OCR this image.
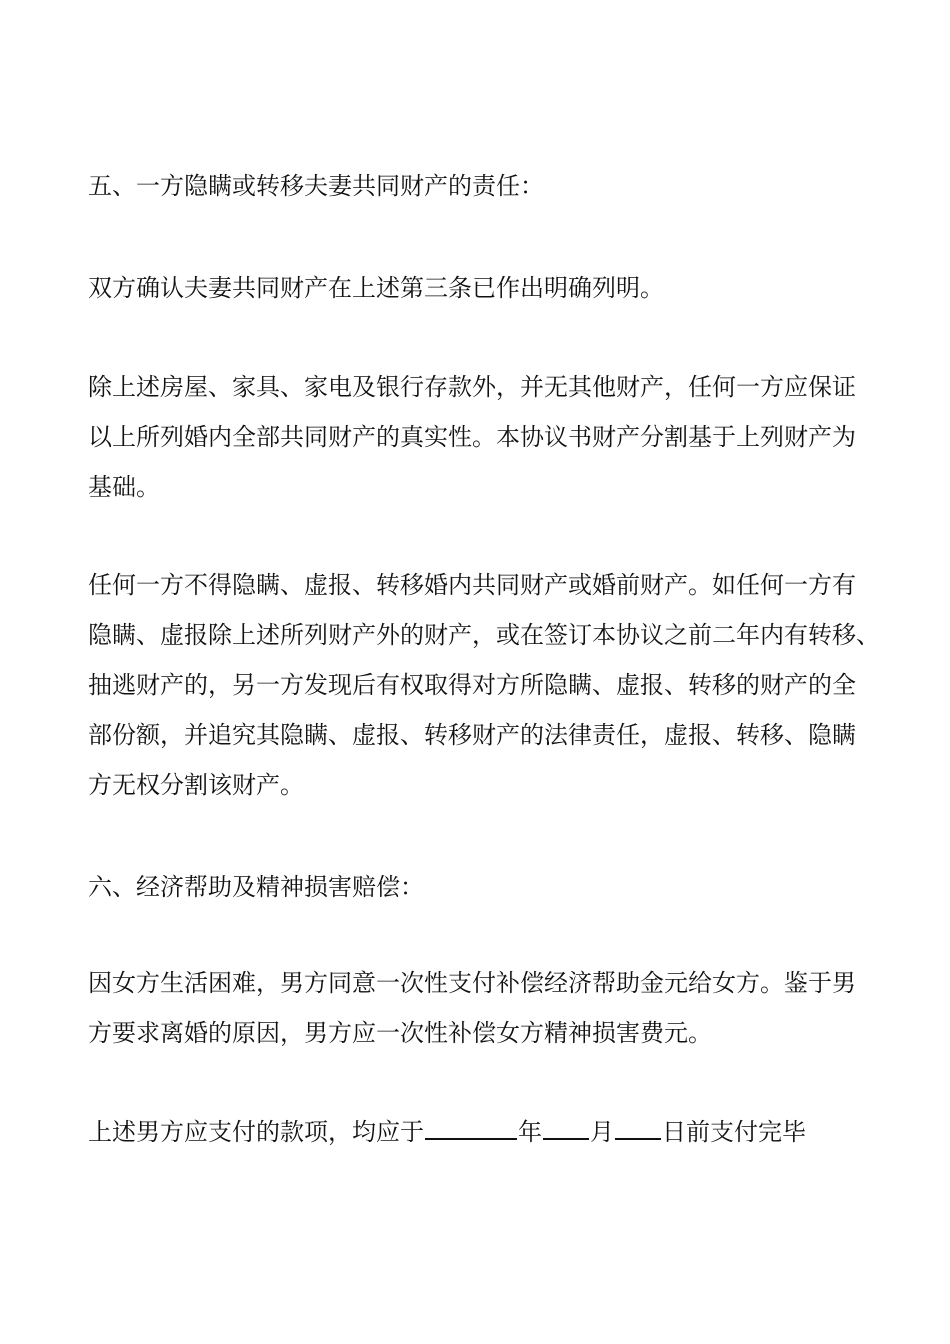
五、一方隐瞒或转移夫妻共同财产的责任：

双方确认夫妻共同财产在上述第三条已作出明确列明。

除上述房屋、家具、家电及银行存款外，并无其他财产，任何一方应保证
以上所列婚内全部共同财产的真实性。本协议书财产分割基于上列财产为
基础。

任何一方不得隐瞒、虚报、转移婚内共同财产或婚前财产。如任何一方有
隐瞒、虚报除上述所列财产外的财产，或在签订本协议之前二年内有转移、
抽逃财产的，另一方发现后有权取得对方所隐瞒、虚报、转移的财产的全
部份额，并追究其隐瞒、虚报、转移财产的法律责任，虚报、转移、隐瞒
方无权分割该财产。

六、经济帮助及精神损害赔偿：

因女方生活困难，男方同意一次性支付补偿经济帮助金元给女方。鉴于男
方要求离婚的原因，男方应一次性补偿女方精神损害费元。

上述男方应支付的款项，均应于	年 月 日前支付完毕
